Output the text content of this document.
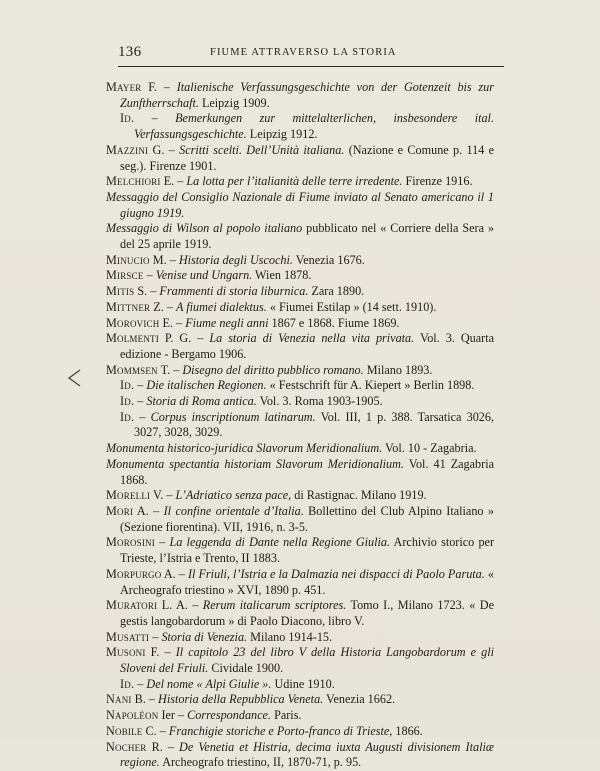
136	FIUME ATTRAVERSO LA STORIA
Mayer F. – Italienische Verfassungsgeschichte von der Gotenzeit bis zur Zunftherrschaft. Leipzig 1909.
Id. – Bemerkungen zur mittelalterlichen, insbesondere ital. Verfassungsgeschichte. Leipzig 1912.
Mazzini G. – Scritti scelti. Dell’Unità italiana. (Nazione e Comune p. 114 e seg.). Firenze 1901.
Melchiori E. – La lotta per l’italianità delle terre irredente. Firenze 1916.
Messaggio del Consiglio Nazionale di Fiume inviato al Senato americano il 1 giugno 1919.
Messaggio di Wilson al popolo italiano pubblicato nel « Corriere della Sera » del 25 aprile 1919.
Minucio M. – Historia degli Uscochi. Venezia 1676.
Mirsce – Venise und Ungarn. Wien 1878.
Mitis S. – Frammenti di storia liburnica. Zara 1890.
Mittner Z. – A fiumei dialektus. « Fiumei Estilap » (14 sett. 1910).
Morovich E. – Fiume negli anni 1867 e 1868. Fiume 1869.
Molmenti P. G. – La storia di Venezia nella vita privata. Vol. 3. Quarta edizione - Bergamo 1906.
Mommsen T. – Disegno del diritto pubblico romano. Milano 1893.
Id. – Die italischen Regionen. « Festschrift für A. Kiepert » Berlin 1898.
Id. – Storia di Roma antica. Vol. 3. Roma 1903-1905.
Id. – Corpus inscriptionum latinarum. Vol. III, 1 p. 388. Tarsatica 3026, 3027, 3028, 3029.
Monumenta historico-juridica Slavorum Meridionalium. Vol. 10 - Zagabria.
Monumenta spectantia historiam Slavorum Meridionalium. Vol. 41 Zagabria 1868.
Morelli V. – L’Adriatico senza pace, di Rastignac. Milano 1919.
Mori A. – Il confine orientale d’Italia. Bollettino del Club Alpino Italiano » (Sezione fiorentina). VII, 1916, n. 3-5.
Morosini – La leggenda di Dante nella Regione Giulia. Archivio storico per Trieste, l’Istria e Trento, II 1883.
Morpurgo A. – Il Friuli, l’Istria e la Dalmazia nei dispacci di Paolo Paruta. « Archeografo triestino » XVI, 1890 p. 451.
Muratori L. A. – Rerum italicarum scriptores. Tomo I., Milano 1723. « De gestis langobardorum » di Paolo Diacono, libro V.
Musatti – Storia di Venezia. Milano 1914-15.
Musoni F. – Il capitolo 23 del libro V della Historia Langobardorum e gli Sloveni del Friuli. Cividale 1900.
Id. – Del nome « Alpi Giulie ». Udine 1910.
Nani B. – Historia della Repubblica Veneta. Venezia 1662.
Napoléon Ier – Correspondance. Paris.
Nobile C. – Franchigie storiche e Porto-franco di Trieste, 1866.
Nocher R. – De Venetia et Histria, decima iuxta Augusti divisionem Italiæ regione. Archeografo triestino, II, 1870-71, p. 95.
